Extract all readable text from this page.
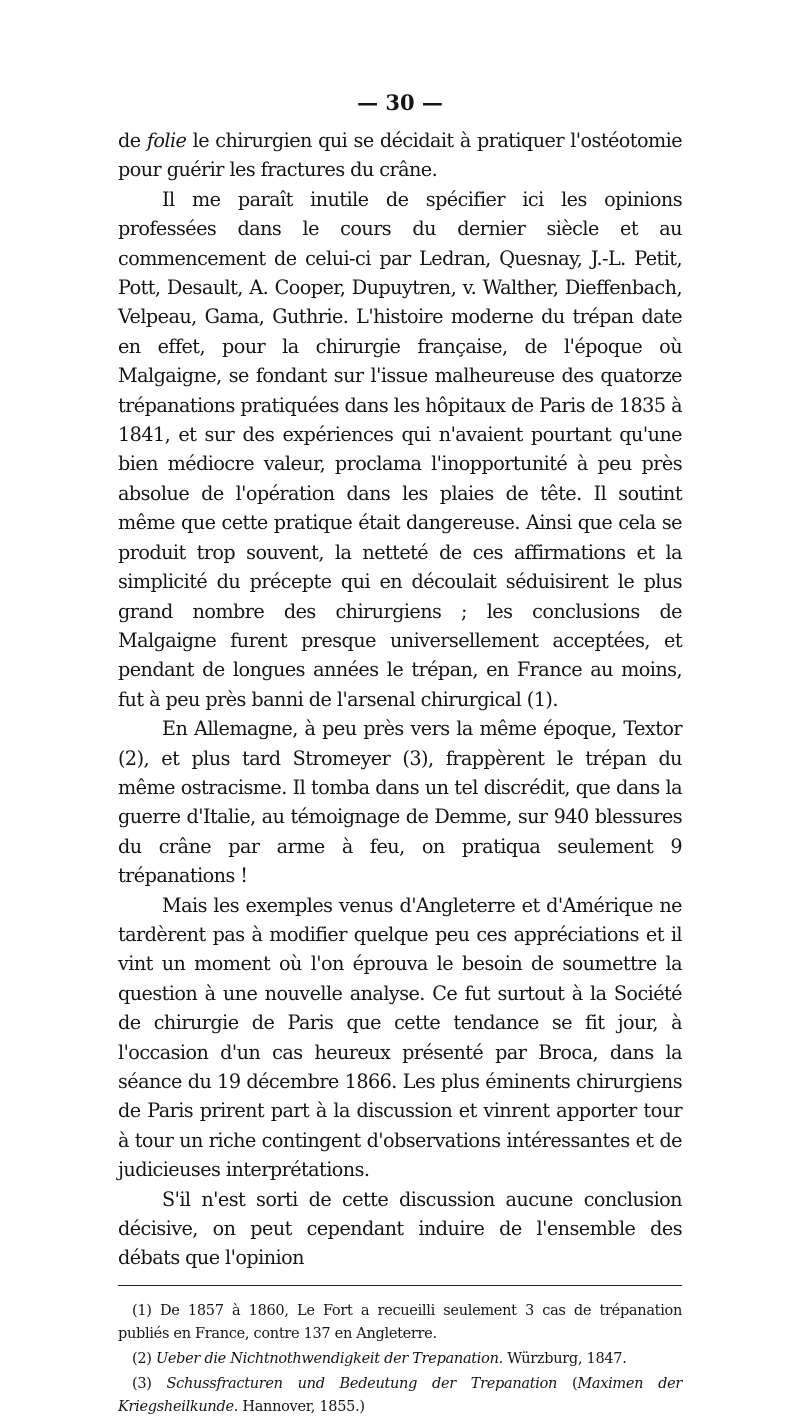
— 30 —

de folie le chirurgien qui se décidait à pratiquer l'ostéotomie pour guérir les fractures du crâne.

Il me paraît inutile de spécifier ici les opinions professées dans le cours du dernier siècle et au commencement de celui-ci par Ledran, Quesnay, J.-L. Petit, Pott, Desault, A. Cooper, Dupuytren, v. Walther, Dieffenbach, Velpeau, Gama, Guthrie. L'histoire moderne du trépan date en effet, pour la chirurgie française, de l'époque où Malgaigne, se fondant sur l'issue malheureuse des quatorze trépanations pratiquées dans les hôpitaux de Paris de 1835 à 1841, et sur des expériences qui n'avaient pourtant qu'une bien médiocre valeur, proclama l'inopportunité à peu près absolue de l'opération dans les plaies de tête. Il soutint même que cette pratique était dangereuse. Ainsi que cela se produit trop souvent, la netteté de ces affirmations et la simplicité du précepte qui en découlait séduisirent le plus grand nombre des chirurgiens ; les conclusions de Malgaigne furent presque universellement acceptées, et pendant de longues années le trépan, en France au moins, fut à peu près banni de l'arsenal chirurgical (1).

En Allemagne, à peu près vers la même époque, Textor (2), et plus tard Stromeyer (3), frappèrent le trépan du même ostracisme. Il tomba dans un tel discrédit, que dans la guerre d'Italie, au témoignage de Demme, sur 940 blessures du crâne par arme à feu, on pratiqua seulement 9 trépanations !

Mais les exemples venus d'Angleterre et d'Amérique ne tardèrent pas à modifier quelque peu ces appréciations et il vint un moment où l'on éprouva le besoin de soumettre la question à une nouvelle analyse. Ce fut surtout à la Société de chirurgie de Paris que cette tendance se fit jour, à l'occasion d'un cas heureux présenté par Broca, dans la séance du 19 décembre 1866. Les plus éminents chirurgiens de Paris prirent part à la discussion et vinrent apporter tour à tour un riche contingent d'observations intéressantes et de judicieuses interprétations.

S'il n'est sorti de cette discussion aucune conclusion décisive, on peut cependant induire de l'ensemble des débats que l'opinion

(1) De 1857 à 1860, Le Fort a recueilli seulement 3 cas de trépanation publiés en France, contre 137 en Angleterre.

(2) Ueber die Nichtnothwendigkeit der Trepanation. Würzburg, 1847.

(3) Schussfracturen und Bedeutung der Trepanation (Maximen der Kriegsheilkunde. Hannover, 1855.)
